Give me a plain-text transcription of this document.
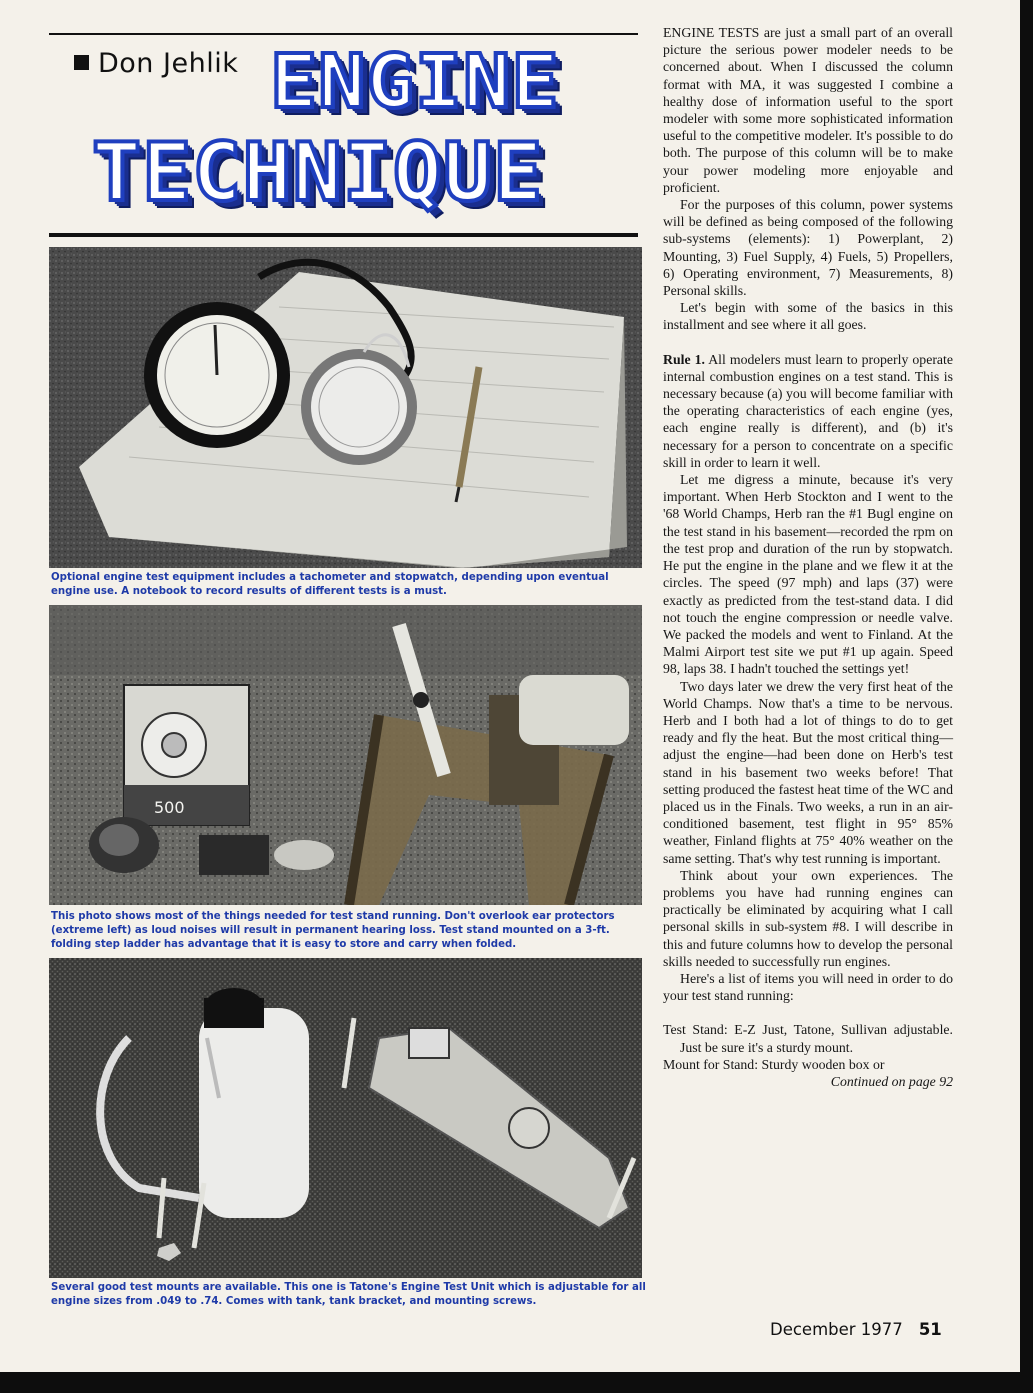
Don Jehlik ENGINE
TECHNIQUE
Optional engine test equipment includes a tachometer and stopwatch, depending upon eventual engine use. A notebook to record results of different tests is a must.
500
This photo shows most of the things needed for test stand running. Don't overlook ear protectors (extreme left) as loud noises will result in permanent hearing loss. Test stand mounted on a 3-ft. folding step ladder has advantage that it is easy to store and carry when folded.
Several good test mounts are available. This one is Tatone's Engine Test Unit which is adjustable for all engine sizes from .049 to .74. Comes with tank, tank bracket, and mounting screws.

ENGINE TESTS are just a small part of an overall picture the serious power modeler needs to be concerned about. When I discussed the column format with MA, it was suggested I combine a healthy dose of information useful to the sport modeler with some more sophisticated information useful to the competitive modeler. It's possible to do both. The purpose of this column will be to make your power modeling more enjoyable and proficient.

For the purposes of this column, power systems will be defined as being composed of the following sub-systems (elements): 1) Powerplant, 2) Mounting, 3) Fuel Supply, 4) Fuels, 5) Propellers, 6) Operating environment, 7) Measurements, 8) Personal skills.

Let's begin with some of the basics in this installment and see where it all goes.

Rule 1. All modelers must learn to properly operate internal combustion engines on a test stand. This is necessary because (a) you will become familiar with the operating characteristics of each engine (yes, each engine really is different), and (b) it's necessary for a person to concentrate on a specific skill in order to learn it well.

Let me digress a minute, because it's very important. When Herb Stockton and I went to the '68 World Champs, Herb ran the #1 Bugl engine on the test stand in his basement—recorded the rpm on the test prop and duration of the run by stopwatch. He put the engine in the plane and we flew it at the circles. The speed (97 mph) and laps (37) were exactly as predicted from the test-stand data. I did not touch the engine compression or needle valve. We packed the models and went to Finland. At the Malmi Airport test site we put #1 up again. Speed 98, laps 38. I hadn't touched the settings yet!

Two days later we drew the very first heat of the World Champs. Now that's a time to be nervous. Herb and I both had a lot of things to do to get ready and fly the heat. But the most critical thing—adjust the engine—had been done on Herb's test stand in his basement two weeks before! That setting produced the fastest heat time of the WC and placed us in the Finals. Two weeks, a run in an air-conditioned basement, test flight in 95° 85% weather, Finland flights at 75° 40% weather on the same setting. That's why test running is important.

Think about your own experiences. The problems you have had running engines can practically be eliminated by acquiring what I call personal skills in sub-system #8. I will describe in this and future columns how to develop the personal skills needed to successfully run engines.

Here's a list of items you will need in order to do your test stand running:

Test Stand: E-Z Just, Tatone, Sullivan adjustable. Just be sure it's a sturdy mount.

Mount for Stand: Sturdy wooden box or

Continued on page 92

December 1977 51
